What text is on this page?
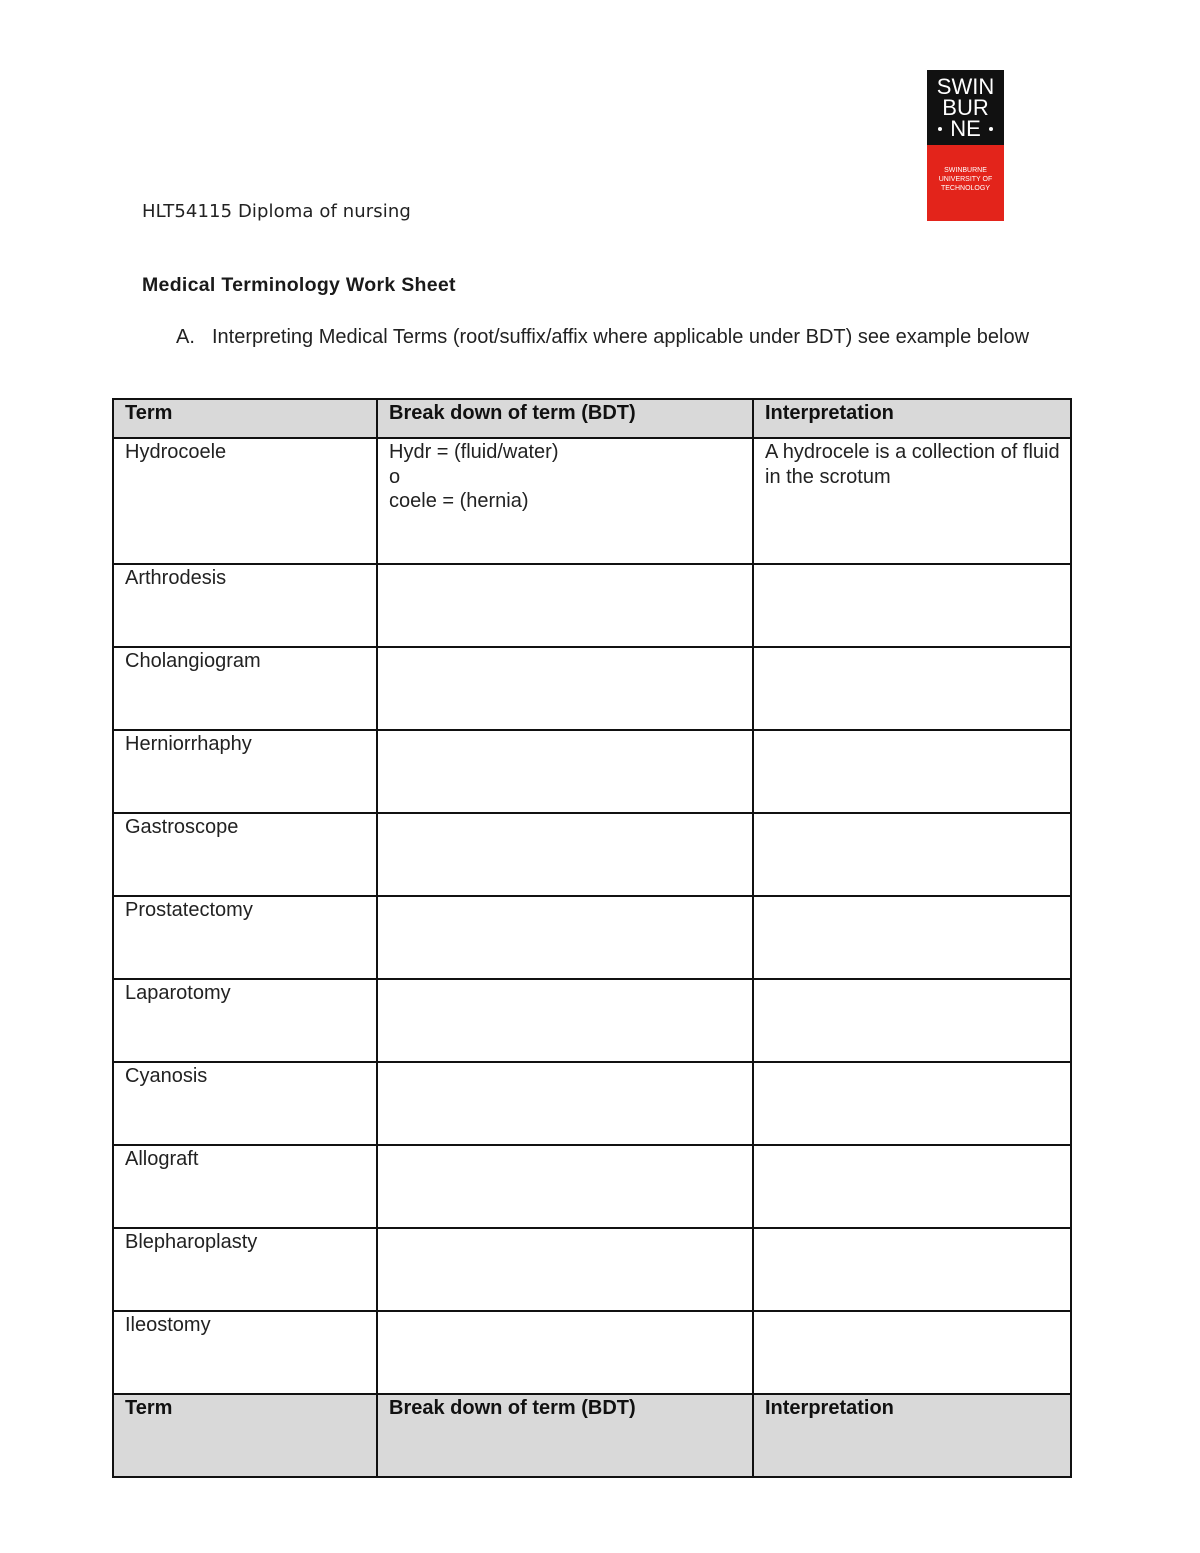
HLT54115 Diploma of nursing
SWIN
BUR
NE
SWINBURNE
UNIVERSITY OF
TECHNOLOGY
Medical Terminology Work Sheet
A. Interpreting Medical Terms (root/suffix/affix where applicable under BDT) see example below
Term	Break down of term (BDT)	Interpretation
Hydrocoele	Hydr = (fluid/water)
o
coele = (hernia)	A hydrocele is a collection of fluid in the scrotum
Arthrodesis		
Cholangiogram		
Herniorrhaphy		
Gastroscope		
Prostatectomy		
Laparotomy		
Cyanosis		
Allograft		
Blepharoplasty		
Ileostomy		
Term	Break down of term (BDT)	Interpretation
